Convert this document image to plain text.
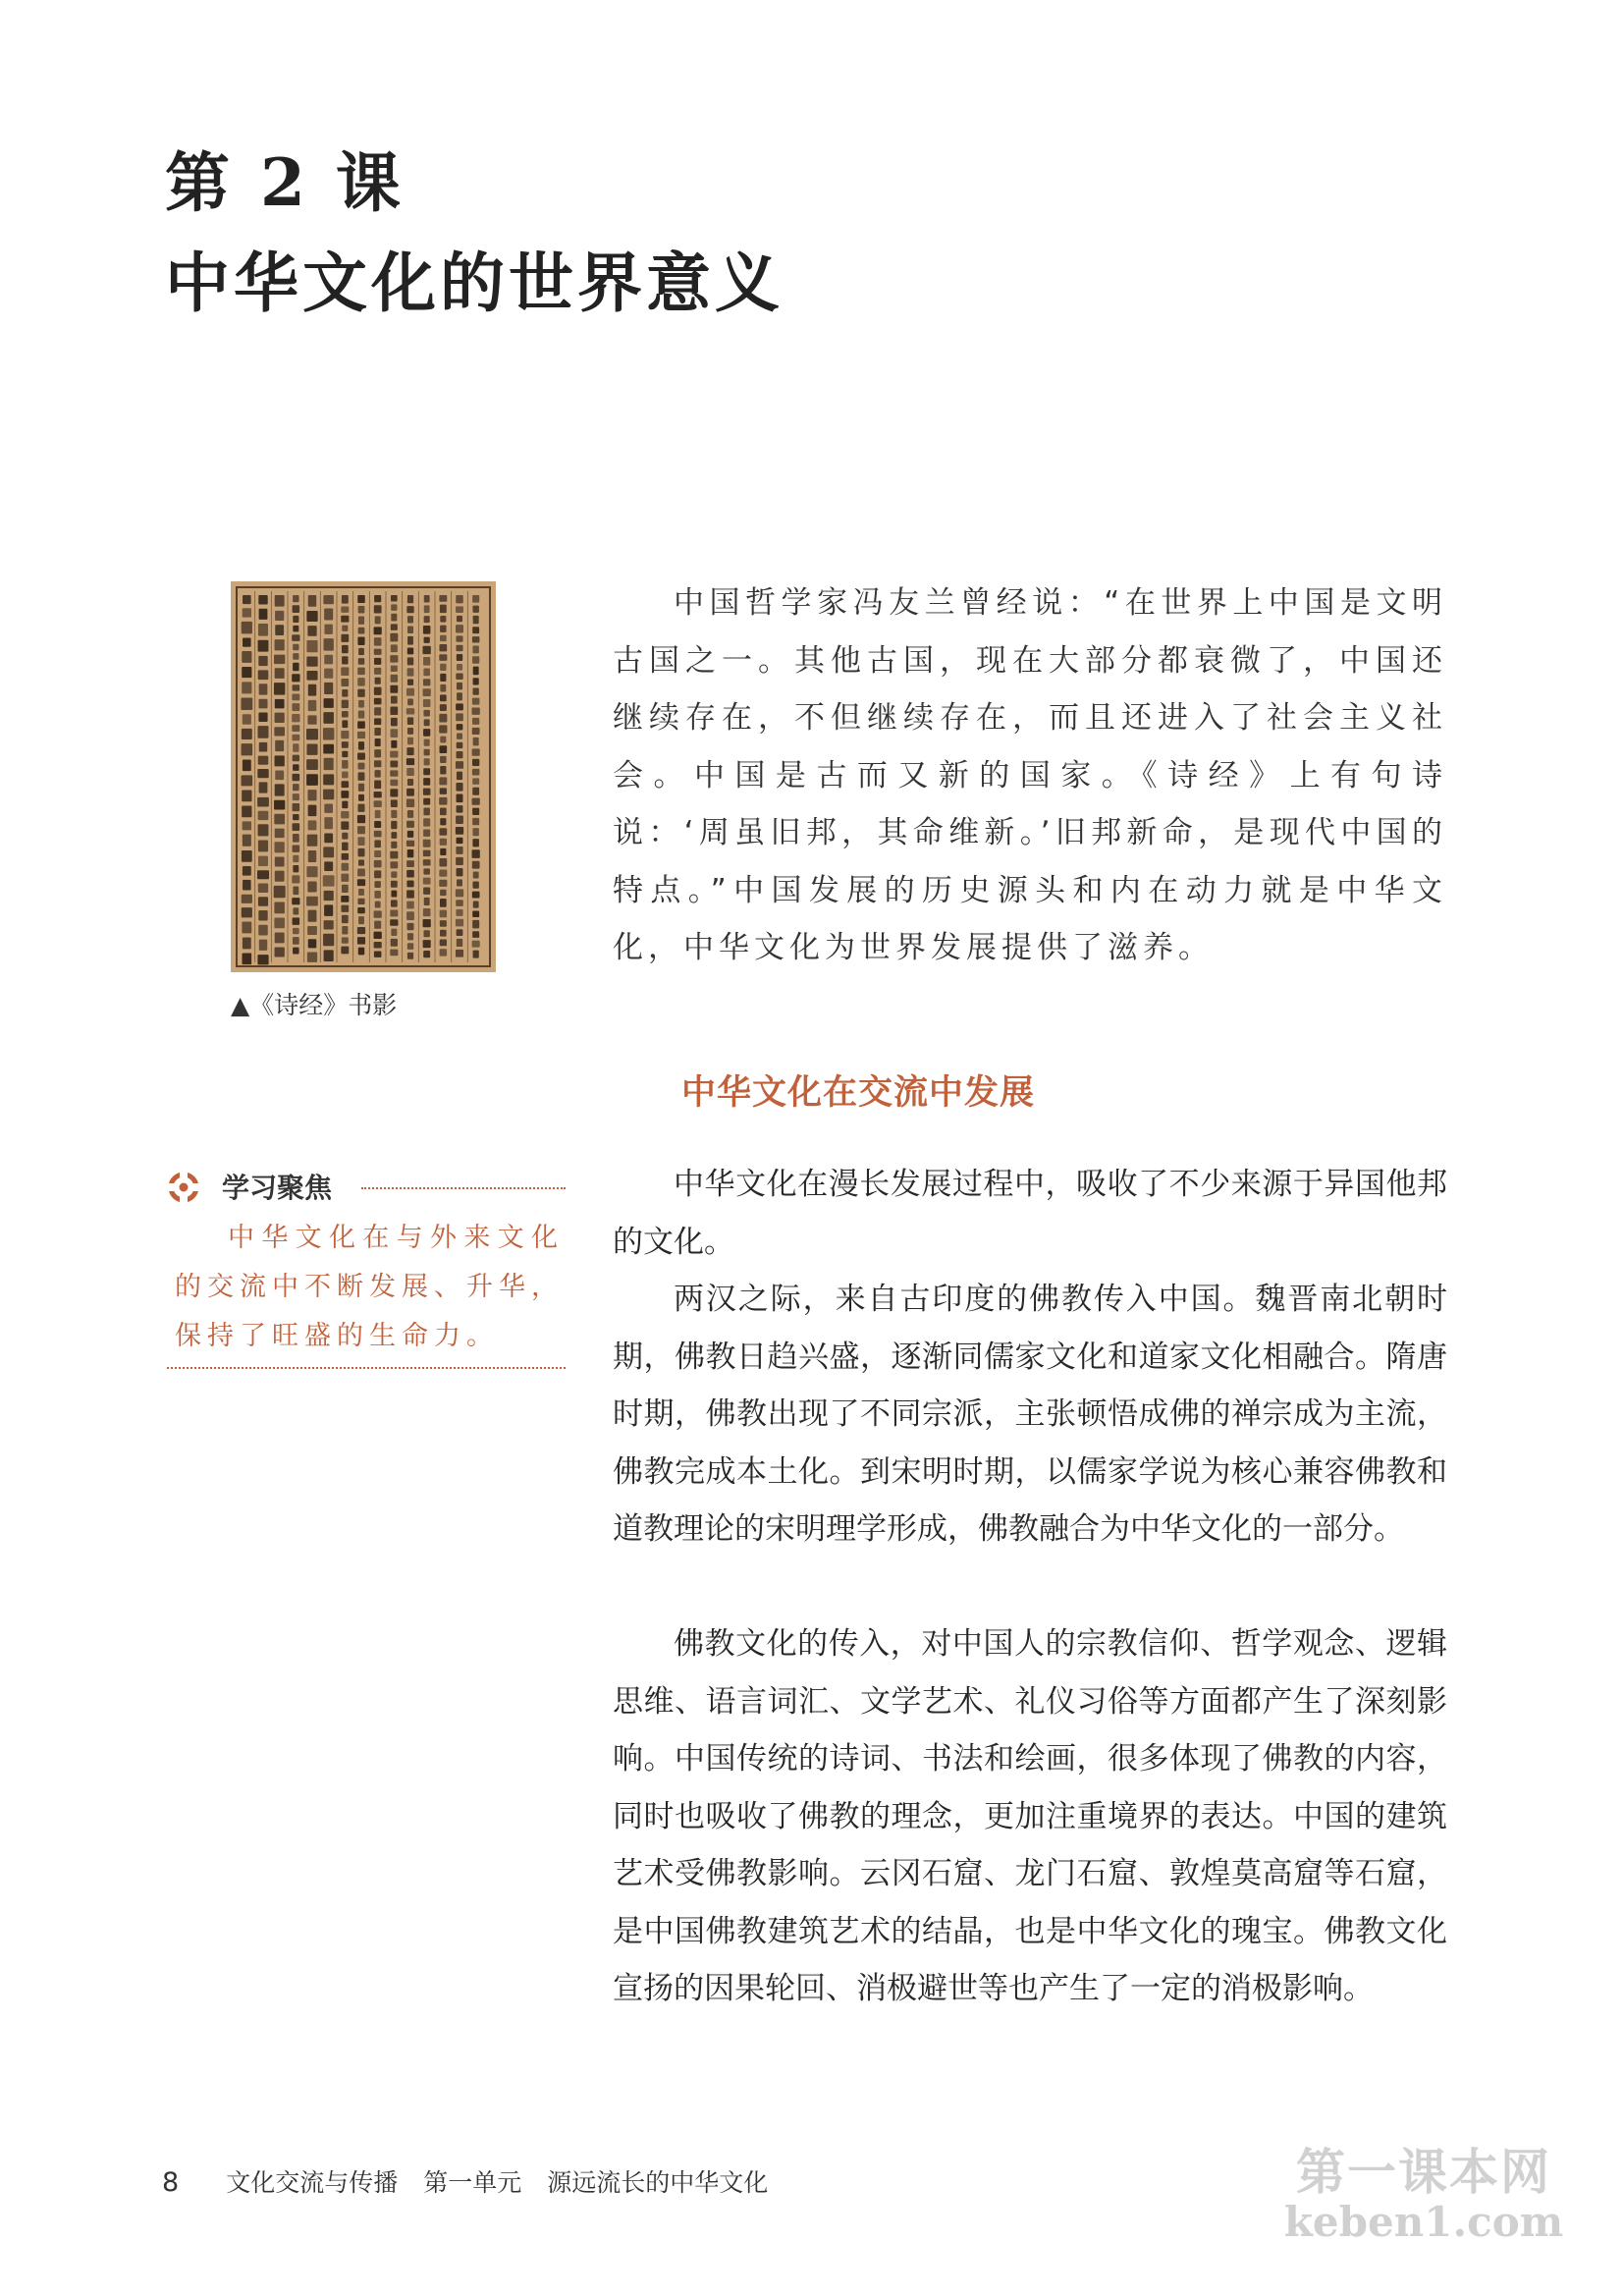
第 2 课
中华文化的世界意义
▲《诗经》书影

中国哲学家冯友兰曾经说：“在世界上中国是文明古国之一。其他古国，现在大部分都衰微了，中国还继续存在，不但继续存在，而且还进入了社会主义社会。中国是古而又新的国家。《诗经》上有句诗说：‘周虽旧邦，其命维新。’旧邦新命，是现代中国的特点。”中国发展的历史源头和内在动力就是中华文化，中华文化为世界发展提供了滋养。

中华文化在交流中发展
学习聚焦

中华文化在与外来文化的交流中不断发展、升华，保持了旺盛的生命力。

中华文化在漫长发展过程中，吸收了不少来源于异国他邦的文化。

两汉之际，来自古印度的佛教传入中国。魏晋南北朝时期，佛教日趋兴盛，逐渐同儒家文化和道家文化相融合。隋唐时期，佛教出现了不同宗派，主张顿悟成佛的禅宗成为主流，佛教完成本土化。到宋明时期，以儒家学说为核心兼容佛教和道教理论的宋明理学形成，佛教融合为中华文化的一部分。

佛教文化的传入，对中国人的宗教信仰、哲学观念、逻辑思维、语言词汇、文学艺术、礼仪习俗等方面都产生了深刻影响。中国传统的诗词、书法和绘画，很多体现了佛教的内容，同时也吸收了佛教的理念，更加注重境界的表达。中国的建筑艺术受佛教影响。云冈石窟、龙门石窟、敦煌莫高窟等石窟，是中国佛教建筑艺术的结晶，也是中华文化的瑰宝。佛教文化宣扬的因果轮回、消极避世等也产生了一定的消极影响。

8 文化交流与传播 第一单元 源远流长的中华文化	第一课本网
keben1.com
